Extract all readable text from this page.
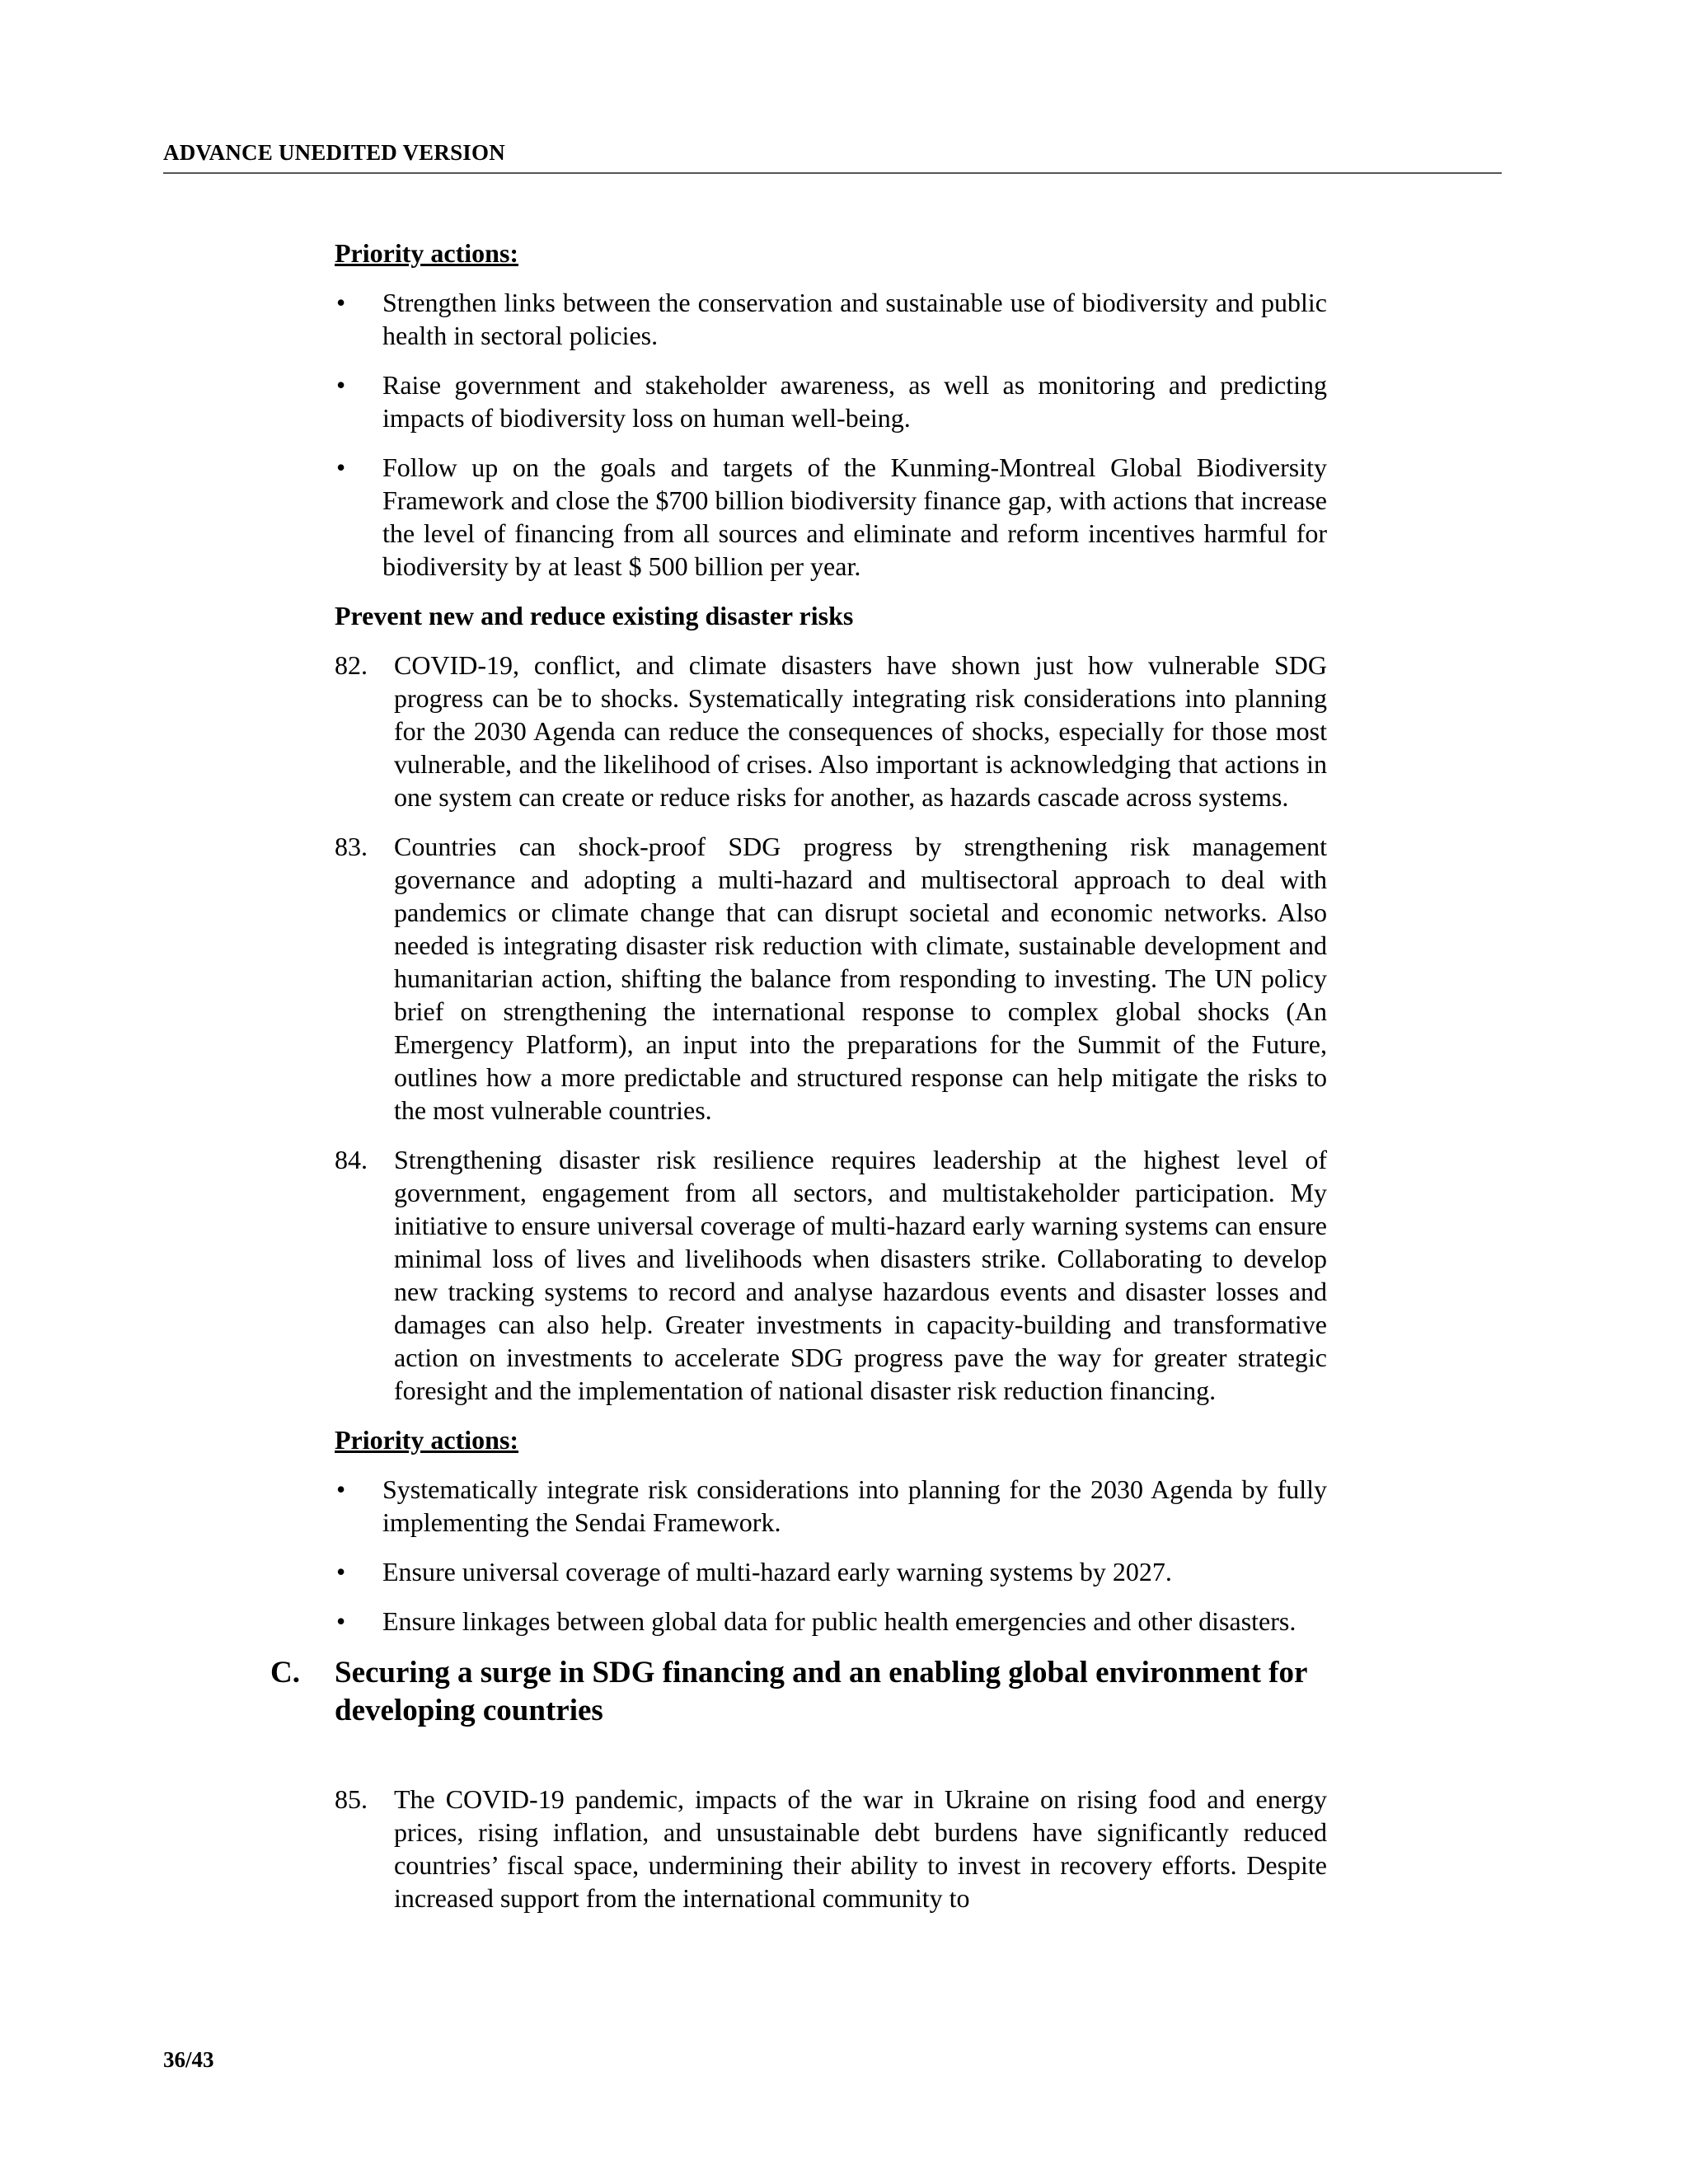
ADVANCE UNEDITED VERSION
Priority actions:
•	Strengthen links between the conservation and sustainable use of biodiversity and public health in sectoral policies.
•	Raise government and stakeholder awareness, as well as monitoring and predicting impacts of biodiversity loss on human well-being.
•	Follow up on the goals and targets of the Kunming-Montreal Global Biodiversity Framework and close the $700 billion biodiversity finance gap, with actions that increase the level of financing from all sources and eliminate and reform incentives harmful for biodiversity by at least $ 500 billion per year.
Prevent new and reduce existing disaster risks
82. COVID-19, conflict, and climate disasters have shown just how vulnerable SDG progress can be to shocks. Systematically integrating risk considerations into planning for the 2030 Agenda can reduce the consequences of shocks, especially for those most vulnerable, and the likelihood of crises. Also important is acknowledging that actions in one system can create or reduce risks for another, as hazards cascade across systems.
83. Countries can shock-proof SDG progress by strengthening risk management governance and adopting a multi-hazard and multisectoral approach to deal with pandemics or climate change that can disrupt societal and economic networks. Also needed is integrating disaster risk reduction with climate, sustainable development and humanitarian action, shifting the balance from responding to investing. The UN policy brief on strengthening the international response to complex global shocks (An Emergency Platform), an input into the preparations for the Summit of the Future, outlines how a more predictable and structured response can help mitigate the risks to the most vulnerable countries.
84. Strengthening disaster risk resilience requires leadership at the highest level of government, engagement from all sectors, and multistakeholder participation. My initiative to ensure universal coverage of multi-hazard early warning systems can ensure minimal loss of lives and livelihoods when disasters strike. Collaborating to develop new tracking systems to record and analyse hazardous events and disaster losses and damages can also help. Greater investments in capacity-building and transformative action on investments to accelerate SDG progress pave the way for greater strategic foresight and the implementation of national disaster risk reduction financing.
Priority actions:
•	Systematically integrate risk considerations into planning for the 2030 Agenda by fully implementing the Sendai Framework.
•	Ensure universal coverage of multi-hazard early warning systems by 2027.
•	Ensure linkages between global data for public health emergencies and other disasters.
C. Securing a surge in SDG financing and an enabling global environment for developing countries
85. The COVID-19 pandemic, impacts of the war in Ukraine on rising food and energy prices, rising inflation, and unsustainable debt burdens have significantly reduced countries’ fiscal space, undermining their ability to invest in recovery efforts. Despite increased support from the international community to
36/43
